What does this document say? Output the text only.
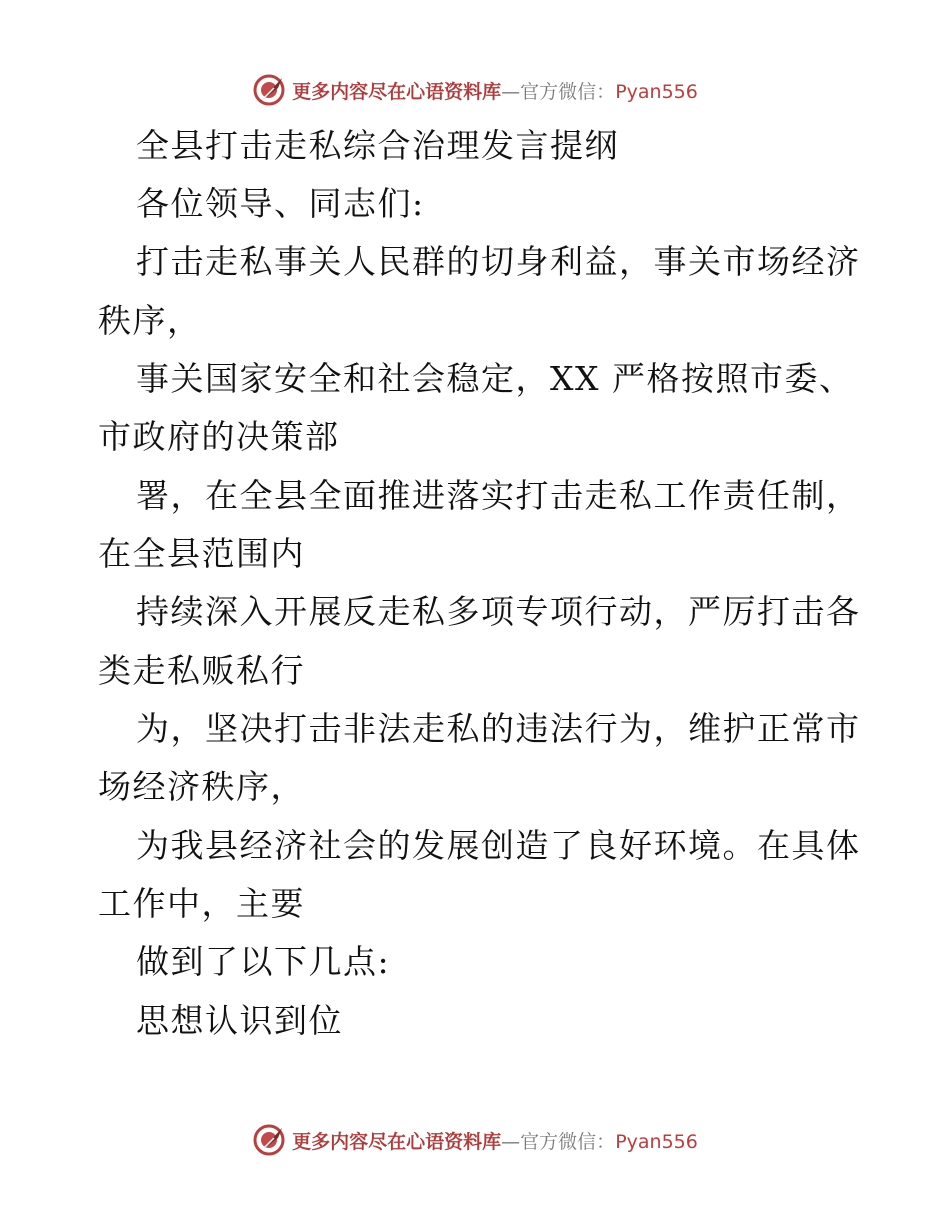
更多内容尽在心语资料库—官方微信：Pyan556
全县打击走私综合治理发言提纲
各位领导、同志们:
打击走私事关人民群的切身利益，事关市场经济
秩序，
事关国家安全和社会稳定，XX 严格按照市委、
市政府的决策部
署，在全县全面推进落实打击走私工作责任制，
在全县范围内
持续深入开展反走私多项专项行动，严厉打击各
类走私贩私行
为，坚决打击非法走私的违法行为，维护正常市
场经济秩序，
为我县经济社会的发展创造了良好环境。在具体
工作中，主要
做到了以下几点:
思想认识到位
更多内容尽在心语资料库—官方微信：Pyan556
